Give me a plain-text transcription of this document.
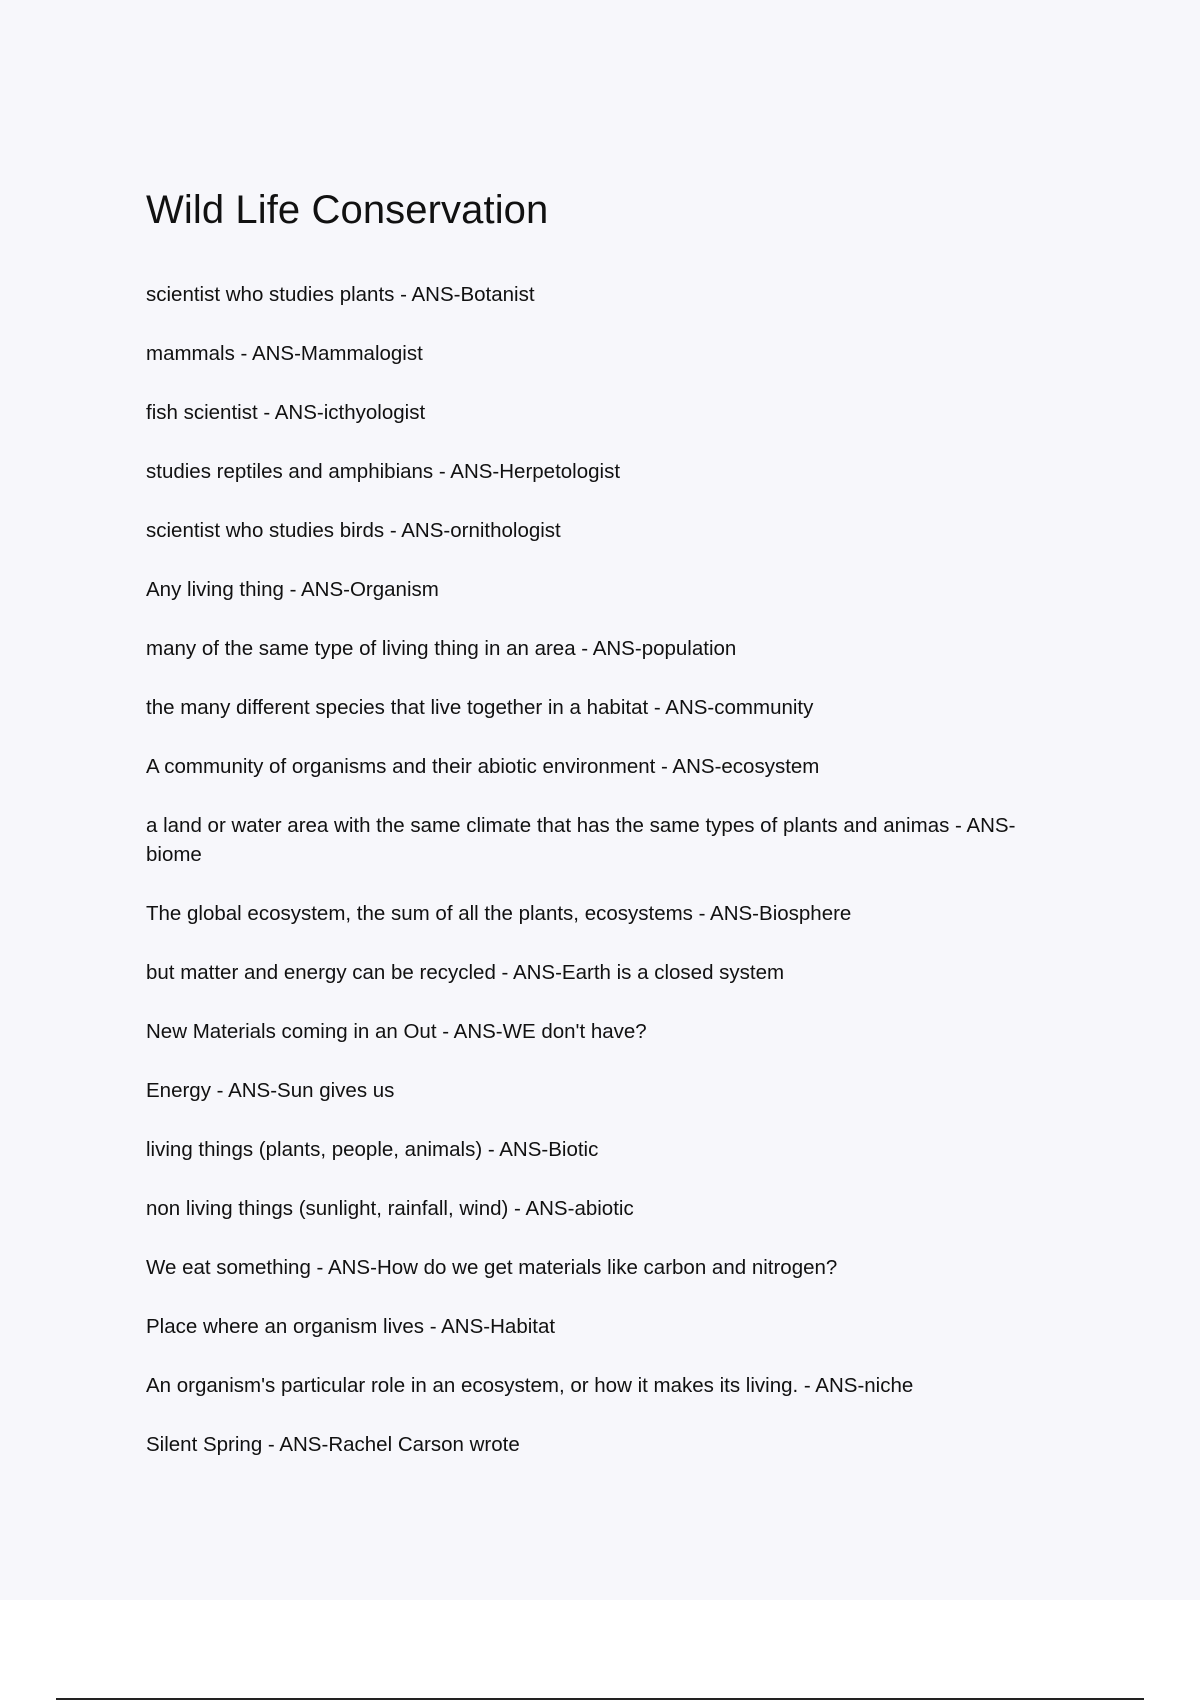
Wild Life Conservation
scientist who studies plants - ANS-Botanist
mammals - ANS-Mammalogist
fish scientist - ANS-icthyologist
studies reptiles and amphibians - ANS-Herpetologist
scientist who studies birds - ANS-ornithologist
Any living thing - ANS-Organism
many of the same type of living thing in an area - ANS-population
the many different species that live together in a habitat - ANS-community
A community of organisms and their abiotic environment - ANS-ecosystem
a land or water area with the same climate that has the same types of plants and animas - ANS-biome
The global ecosystem, the sum of all the plants, ecosystems - ANS-Biosphere
but matter and energy can be recycled - ANS-Earth is a closed system
New Materials coming in an Out - ANS-WE don't have?
Energy - ANS-Sun gives us
living things (plants, people, animals) - ANS-Biotic
non living things (sunlight, rainfall, wind) - ANS-abiotic
We eat something - ANS-How do we get materials like carbon and nitrogen?
Place where an organism lives - ANS-Habitat
An organism's particular role in an ecosystem, or how it makes its living. - ANS-niche
Silent Spring - ANS-Rachel Carson wrote
